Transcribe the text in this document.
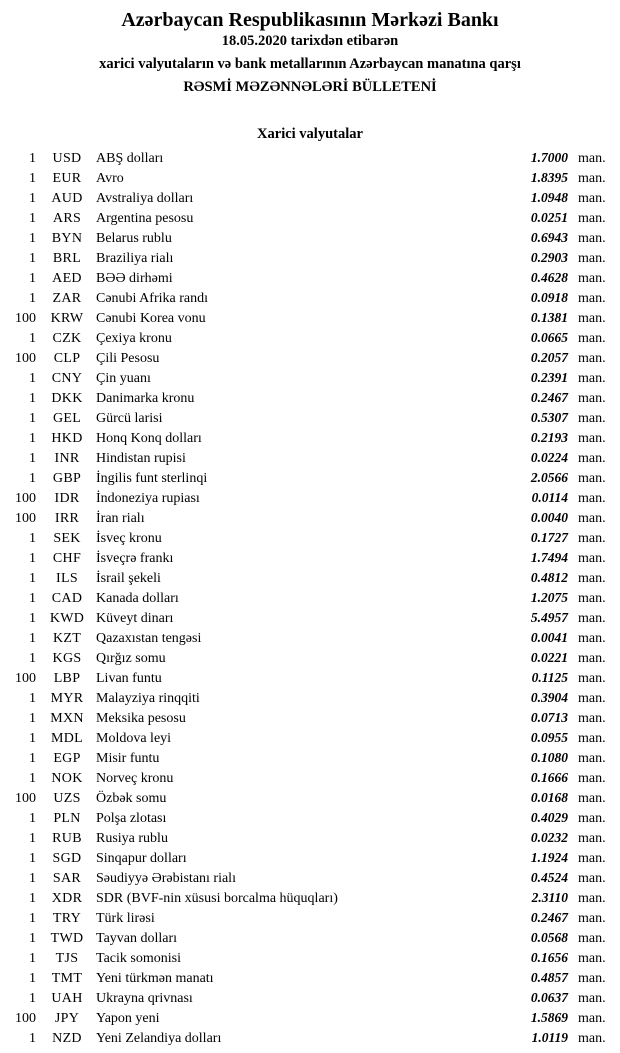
Azərbaycan Respublikasının Mərkəzi Bankı
18.05.2020 tarixdən etibarən
xarici valyutaların və bank metallarının Azərbaycan manatına qarşı
RƏSMİ MƏZƏNNƏLƏRİ BÜLLETENİ
Xarici valyutalar
1	USD	ABŞ dolları	1.7000 man.
1	EUR	Avro	1.8395 man.
1	AUD Avstraliya dolları	1.0948 man.
1	ARS	Argentina pesosu	0.0251 man.
1	BYN Belarus rublu	0.6943 man.
1	BRL	Braziliya rialı	0.2903 man.
1	AED	BƏƏ dirhəmi	0.4628 man.
1	ZAR	Cənubi Afrika randı	0.0918 man.
100	KRW Cənubi Korea vonu	0.1381 man.
1	CZK	Çexiya kronu	0.0665 man.
100	CLP	Çili Pesosu	0.2057 man.
1	CNY Çin yuanı	0.2391 man.
1	DKK Danimarka kronu	0.2467 man.
1	GEL	Gürcü larisi	0.5307 man.
1	HKD Honq Konq dolları	0.2193 man.
1	INR	Hindistan rupisi	0.0224 man.
1	GBP	İngilis funt sterlinqi	2.0566 man.
100	IDR	İndoneziya rupiası	0.0114 man.
100	IRR	İran rialı	0.0040 man.
1	SEK	İsveç kronu	0.1727 man.
1	CHF	İsveçrə frankı	1.7494 man.
1	ILS	İsrail şekeli	0.4812 man.
1	CAD Kanada dolları	1.2075 man.
1 KWD Küveyt dinarı	5.4957 man.
1	KZT	Qazaxıstan tengəsi	0.0041 man.
1	KGS	Qırğız somu	0.0221 man.
100	LBP	Livan funtu	0.1125 man.
1	MYR Malayziya rinqqiti	0.3904 man.
1	MXN Meksika pesosu	0.0713 man.
1	MDL Moldova leyi	0.0955 man.
1	EGP	Misir funtu	0.1080 man.
1	NOK Norveç kronu	0.1666 man.
100	UZS	Özbək somu	0.0168 man.
1	PLN	Polşa zlotası	0.4029 man.
1	RUB	Rusiya rublu	0.0232 man.
1	SGD	Sinqapur dolları	1.1924 man.
1	SAR	Səudiyyə Ərəbistanı rialı	0.4524 man.
1	XDR SDR (BVF-nin xüsusi borcalma hüquqları)	2.3110 man.
1	TRY	Türk lirəsi	0.2467 man.
1	TWD Tayvan dolları	0.0568 man.
1	TJS	Tacik somonisi	0.1656 man.
1	TMT Yeni türkmən manatı	0.4857 man.
1	UAH Ukrayna qrivnası	0.0637 man.
100	JPY	Yapon yeni	1.5869 man.
1	NZD	Yeni Zelandiya dolları	1.0119 man.
